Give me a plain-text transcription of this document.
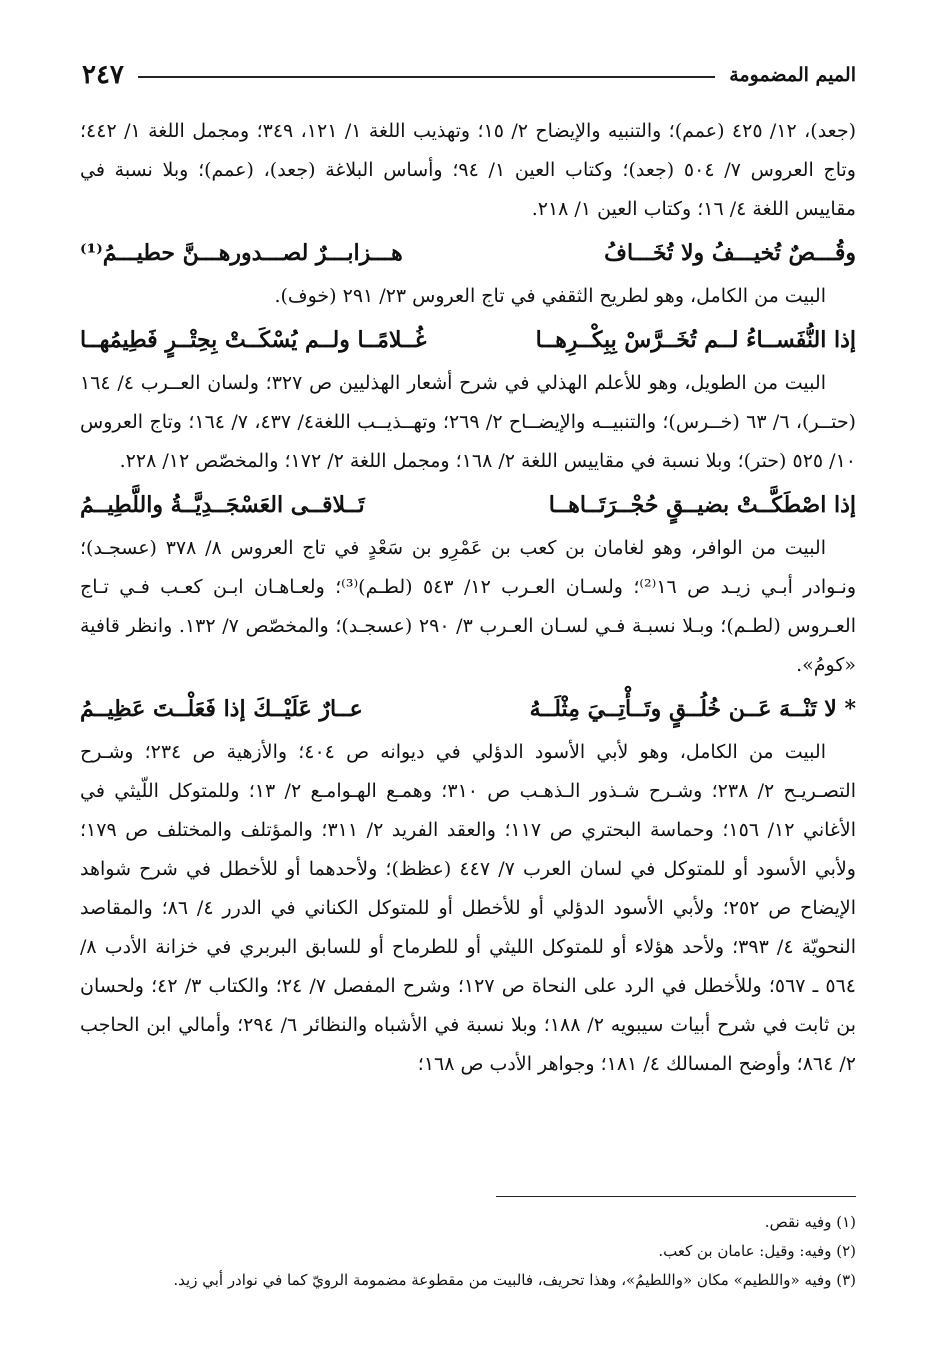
الميم المضمومة
٢٤٧

(جعد)، ١٢/ ٤٢٥ (عمم)؛ والتنبيه والإيضاح ٢/ ١٥؛ وتهذيب اللغة ١/ ١٢١، ٣٤٩؛ ومجمل اللغة ١/ ٤٤٢؛ وتاج العروس ٧/ ٥٠٤ (جعد)؛ وكتاب العين ١/ ٩٤؛ وأساس البلاغة (جعد)، (عمم)؛ وبلا نسبة في مقاييس اللغة ٤/ ١٦؛ وكتاب العين ١/ ٢١٨.

وقُـــصٌ تُخيـــفُ ولا تُخَـــافُ
هـــزابـــرٌ لصـــدورهـــنَّ حطيـــمُ⁽¹⁾

البيت من الكامل، وهو لطريح الثقفي في تاج العروس ٢٣/ ٢٩١ (خوف).

إذا النُّفَســاءُ لــم تُخَــرَّسْ بِبِكْــرِهــا
غُــلامًــا ولــم يُسْكَــتْ بِحِتْــرٍ فَطِيمُهــا

البيت من الطويل، وهو للأعلم الهذلي في شرح أشعار الهذليين ص ٣٢٧؛ ولسان العــرب ٤/ ١٦٤ (حتــر)، ٦/ ٦٣ (خــرس)؛ والتنبيــه والإيضــاح ٢/ ٢٦٩؛ وتهــذيــب اللغة٤/ ٤٣٧، ٧/ ١٦٤؛ وتاج العروس ١٠/ ٥٢٥ (حتر)؛ وبلا نسبة في مقاييس اللغة ٢/ ١٦٨؛ ومجمل اللغة ٢/ ١٧٢؛ والمخصّص ١٢/ ٢٢٨.

إذا اصْطَكَّــتْ بضيــقٍ حُجْــرَتَــاهــا
تَــلاقــى العَسْجَــدِيَّــةُ واللَّطِيــمُ

البيت من الوافر، وهو لغامان بن كعب بن عَمْرِو بن سَعْدٍ في تاج العروس ٨/ ٣٧٨ (عسجـد)؛ ونـوادر أبـي زيـد ص ١٦⁽²⁾؛ ولسـان العـرب ١٢/ ٥٤٣ (لطـم)⁽³⁾؛ ولعـاهـان ابـن كعـب فـي تـاج العـروس (لطـم)؛ وبـلا نسبـة فـي لسـان العـرب ٣/ ٢٩٠ (عسجـد)؛ والمخصّص ٧/ ١٣٢. وانظر قافية «كومُ».

* لا تَنْــهَ عَــن خُلُــقٍ وتَــأْتِــيَ مِثْلَــهُ
عــارٌ عَلَيْــكَ إذا فَعَلْــتَ عَظِيــمُ

البيت من الكامل، وهو لأبي الأسود الدؤلي في ديوانه ص ٤٠٤؛ والأزهية ص ٢٣٤؛ وشـرح التصـريـح ٢/ ٢٣٨؛ وشـرح شـذور الـذهـب ص ٣١٠؛ وهمـع الهـوامـع ٢/ ١٣؛ وللمتوكل اللّيثي في الأغاني ١٢/ ١٥٦؛ وحماسة البحتري ص ١١٧؛ والعقد الفريد ٢/ ٣١١؛ والمؤتلف والمختلف ص ١٧٩؛ ولأبي الأسود أو للمتوكل في لسان العرب ٧/ ٤٤٧ (عظظ)؛ ولأحدهما أو للأخطل في شرح شواهد الإيضاح ص ٢٥٢؛ ولأبي الأسود الدؤلي أو للأخطل أو للمتوكل الكناني في الدرر ٤/ ٨٦؛ والمقاصد النحويّة ٤/ ٣٩٣؛ ولأحد هؤلاء أو للمتوكل الليثي أو للطرماح أو للسابق البربري في خزانة الأدب ٨/ ٥٦٤ ـ ٥٦٧؛ وللأخطل في الرد على النحاة ص ١٢٧؛ وشرح المفصل ٧/ ٢٤؛ والكتاب ٣/ ٤٢؛ ولحسان بن ثابت في شرح أبيات سيبويه ٢/ ١٨٨؛ وبلا نسبة في الأشباه والنظائر ٦/ ٢٩٤؛ وأمالي ابن الحاجب ٢/ ٨٦٤؛ وأوضح المسالك ٤/ ١٨١؛ وجواهر الأدب ص ١٦٨؛

(١) وفيه نقص.

(٢) وفيه: وقيل: عامان بن كعب.

(٣) وفيه «واللطيم» مكان «واللطيمُ»، وهذا تحريف، فالبيت من مقطوعة مضمومة الرويّ كما في نوادر أبي زيد.
